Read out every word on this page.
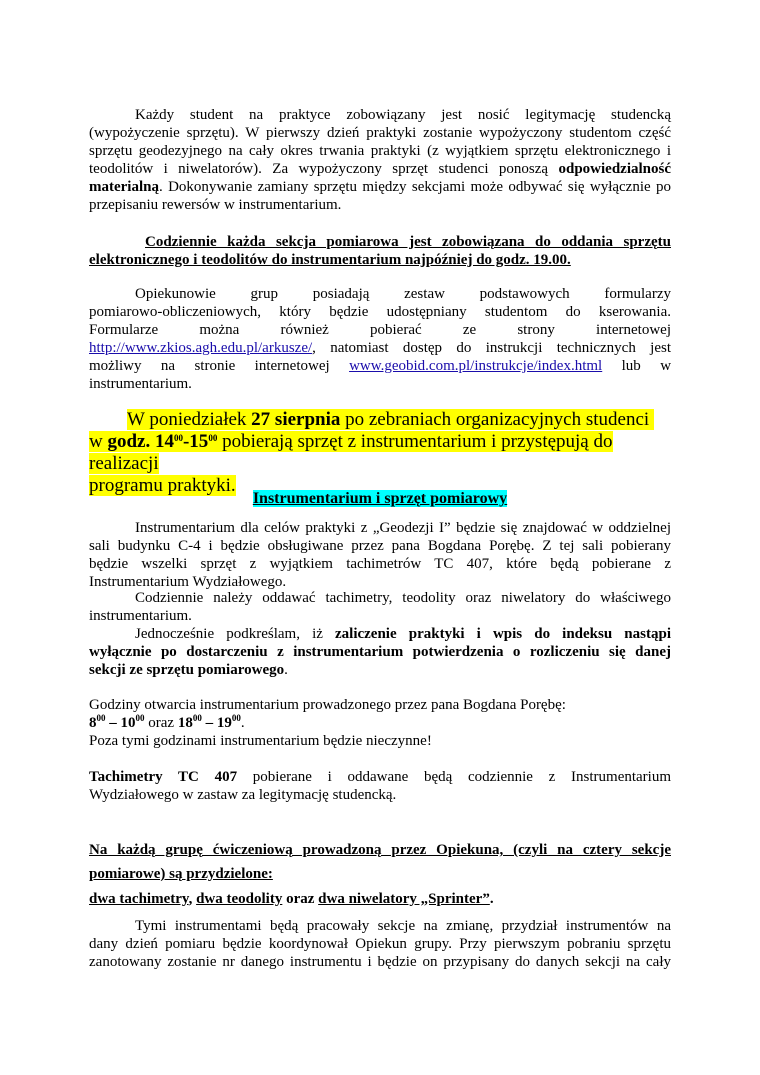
Każdy student na praktyce zobowiązany jest nosić legitymację studencką
(wypożyczenie sprzętu). W pierwszy dzień praktyki zostanie wypożyczony studentom część
sprzętu geodezyjnego na cały okres trwania praktyki (z wyjątkiem sprzętu elektronicznego i
teodolitów i niwelatorów). Za wypożyczony sprzęt studenci ponoszą odpowiedzialność
materialną. Dokonywanie zamiany sprzętu między sekcjami może odbywać się wyłącznie po
przepisaniu rewersów w instrumentarium.
Codziennie każda sekcja pomiarowa jest zobowiązana do oddania sprzętu
elektronicznego i teodolitów do instrumentarium najpóźniej do godz. 19.00.
Opiekunowie grup posiadają zestaw podstawowych formularzy
pomiarowo-obliczeniowych, który będzie udostępniany studentom do kserowania.
Formularze można również pobierać ze strony internetowej
http://www.zkios.agh.edu.pl/arkusze/, natomiast dostęp do instrukcji technicznych jest
możliwy na stronie internetowej www.geobid.com.pl/instrukcje/index.html lub w
instrumentarium.
W poniedziałek 27 sierpnia po zebraniach organizacyjnych studenci
w godz. $14^{00}-15^{00}$ pobierają sprzęt z instrumentarium i przystępują do realizacji
programu praktyki.
Instrumentarium i sprzęt pomiarowy
Instrumentarium dla celów praktyki z „Geodezji I” będzie się znajdować w oddzielnej
sali budynku C-4 i będzie obsługiwane przez pana Bogdana Porębę. Z tej sali pobierany
będzie wszelki sprzęt z wyjątkiem tachimetrów TC 407, które będą pobierane z
Instrumentarium Wydziałowego.
Codziennie należy oddawać tachimetry, teodolity oraz niwelatory do właściwego
instrumentarium.
Jednocześnie podkreślam, iż zaliczenie praktyki i wpis do indeksu nastąpi
wyłącznie po dostarczeniu z instrumentarium potwierdzenia o rozliczeniu się danej
sekcji ze sprzętu pomiarowego.
Godziny otwarcia instrumentarium prowadzonego przez pana Bogdana Porębę:
$8^{00} - 10^{00}$ oraz $18^{00} - 19^{00}$.
Poza tymi godzinami instrumentarium będzie nieczynne!
Tachimetry TC 407 pobierane i oddawane będą codziennie z Instrumentarium
Wydziałowego w zastaw za legitymację studencką.
Na każdą grupę ćwiczeniową prowadzoną przez Opiekuna, (czyli na cztery sekcje
pomiarowe) są przydzielone:
dwa tachimetry, dwa teodolity oraz dwa niwelatory „Sprinter”.
Tymi instrumentami będą pracowały sekcje na zmianę, przydział instrumentów na
dany dzień pomiaru będzie koordynował Opiekun grupy. Przy pierwszym pobraniu sprzętu
zanotowany zostanie nr danego instrumentu i będzie on przypisany do danych sekcji na cały
